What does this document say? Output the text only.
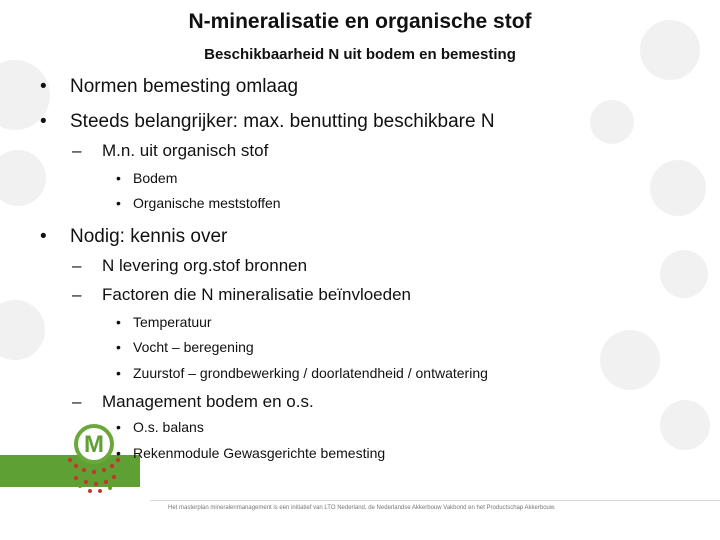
N-mineralisatie en organische stof
Beschikbaarheid N uit bodem en bemesting
• Normen bemesting omlaag
• Steeds belangrijker: max. benutting beschikbare N
– M.n. uit organisch stof
• Bodem
• Organische meststoffen
• Nodig: kennis over
– N levering org.stof bronnen
– Factoren die N mineralisatie beïnvloeden
• Temperatuur
• Vocht – beregening
• Zuurstof – grondbewerking / doorlatendheid / ontwatering
– Management bodem en o.s.
M
• O.s. balans
• Rekenmodule Gewasgerichte bemesting
Het masterplan mineralenmanagement is een initiatief van LTO Nederland, de Nederlandse Akkerbouw Vakbond en het Productschap Akkerbouw.
